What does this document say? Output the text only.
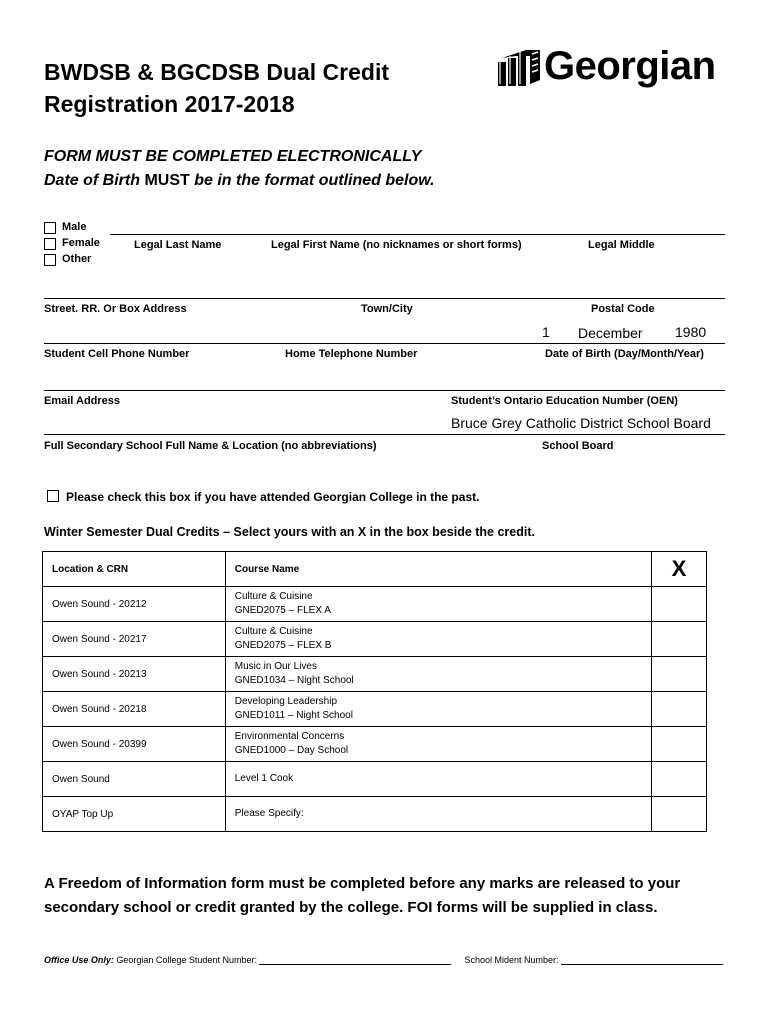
BWDSB & BGCDSB Dual Credit
Registration 2017-2018
Georgian
FORM MUST BE COMPLETED ELECTRONICALLY
Date of Birth MUST be in the format outlined below.
Male
Female
Other
Legal Last Name	Legal First Name (no nicknames or short forms)	Legal Middle
Street. RR. Or Box Address	Town/City	Postal Code
1 December 1980
Student Cell Phone Number	Home Telephone Number	Date of Birth (Day/Month/Year)
Email Address	Student’s Ontario Education Number (OEN)
Bruce Grey Catholic District School Board
Full Secondary School Full Name & Location (no abbreviations)	School Board
Please check this box if you have attended Georgian College in the past.
Winter Semester Dual Credits – Select yours with an X in the box beside the credit.
Location & CRN	Course Name	X
Owen Sound - 20212	Culture & Cuisine
GNED2075 – FLEX A	

Owen Sound - 20217	Culture & Cuisine
GNED2075 – FLEX B	

Owen Sound - 20213	Music in Our Lives
GNED1034 – Night School	

Owen Sound - 20218	Developing Leadership
GNED1011 – Night School	

Owen Sound - 20399	Environmental Concerns
GNED1000 – Day School	

Owen Sound	Level 1 Cook	

OYAP Top Up	Please Specify:	

A Freedom of Information form must be completed before any marks are released to your
secondary school or credit granted by the college. FOI forms will be supplied in class.
Office Use Only: Georgian College Student Number:	School Mident Number:
